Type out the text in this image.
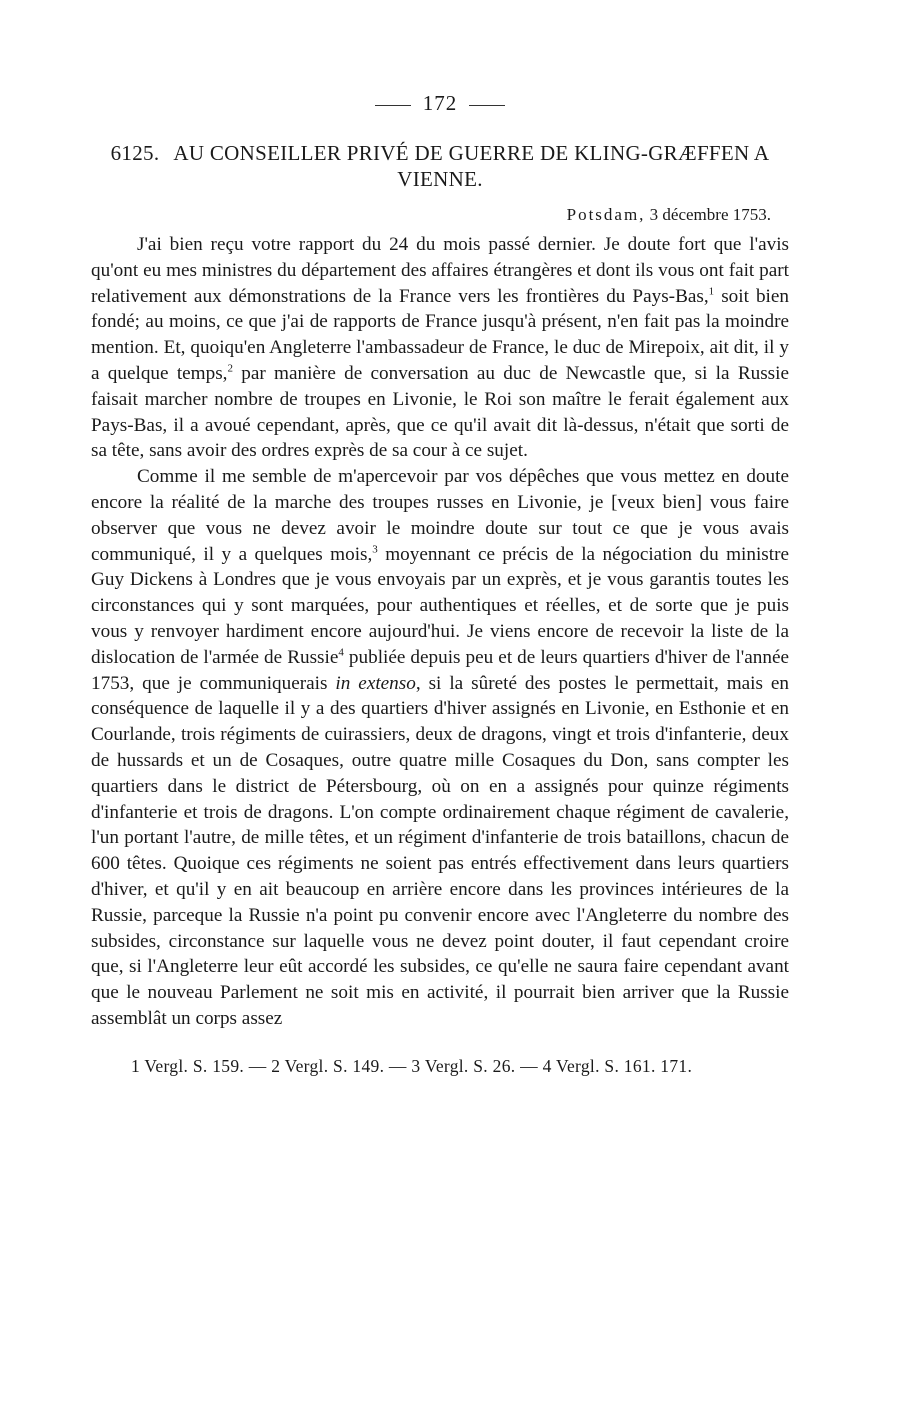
172
6125. AU CONSEILLER PRIVÉ DE GUERRE DE KLING-GRÆFFEN A VIENNE.
Potsdam, 3 décembre 1753.

J'ai bien reçu votre rapport du 24 du mois passé dernier. Je doute fort que l'avis qu'ont eu mes ministres du département des affaires étrangères et dont ils vous ont fait part relativement aux démonstrations de la France vers les frontières du Pays-Bas,$^1$ soit bien fondé; au moins, ce que j'ai de rapports de France jusqu'à présent, n'en fait pas la moindre mention. Et, quoiqu'en Angleterre l'ambassadeur de France, le duc de Mirepoix, ait dit, il y a quelque temps,$^2$ par manière de conversation au duc de Newcastle que, si la Russie faisait marcher nombre de troupes en Livonie, le Roi son maître le ferait également aux Pays-Bas, il a avoué cependant, après, que ce qu'il avait dit là-dessus, n'était que sorti de sa tête, sans avoir des ordres exprès de sa cour à ce sujet.

Comme il me semble de m'apercevoir par vos dépêches que vous mettez en doute encore la réalité de la marche des troupes russes en Livonie, je [veux bien] vous faire observer que vous ne devez avoir le moindre doute sur tout ce que je vous avais communiqué, il y a quelques mois,$^3$ moyennant ce précis de la négociation du ministre Guy Dickens à Londres que je vous envoyais par un exprès, et je vous garantis toutes les circonstances qui y sont marquées, pour authentiques et réelles, et de sorte que je puis vous y renvoyer hardiment encore aujourd'hui. Je viens encore de recevoir la liste de la dislocation de l'armée de Russie$^4$ publiée depuis peu et de leurs quartiers d'hiver de l'année 1753, que je communiquerais in extenso, si la sûreté des postes le permettait, mais en conséquence de laquelle il y a des quartiers d'hiver assignés en Livonie, en Esthonie et en Courlande, trois régiments de cuirassiers, deux de dragons, vingt et trois d'infanterie, deux de hussards et un de Cosaques, outre quatre mille Cosaques du Don, sans compter les quartiers dans le district de Pétersbourg, où on en a assignés pour quinze régiments d'infanterie et trois de dragons. L'on compte ordinairement chaque régiment de cavalerie, l'un portant l'autre, de mille têtes, et un régiment d'infanterie de trois bataillons, chacun de 600 têtes. Quoique ces régiments ne soient pas entrés effectivement dans leurs quartiers d'hiver, et qu'il y en ait beaucoup en arrière encore dans les provinces intérieures de la Russie, parceque la Russie n'a point pu convenir encore avec l'Angleterre du nombre des subsides, circonstance sur laquelle vous ne devez point douter, il faut cependant croire que, si l'Angleterre leur eût accordé les subsides, ce qu'elle ne saura faire cependant avant que le nouveau Parlement ne soit mis en activité, il pourrait bien arriver que la Russie assemblât un corps assez

1 Vergl. S. 159. — 2 Vergl. S. 149. — 3 Vergl. S. 26. — 4 Vergl. S. 161. 171.
